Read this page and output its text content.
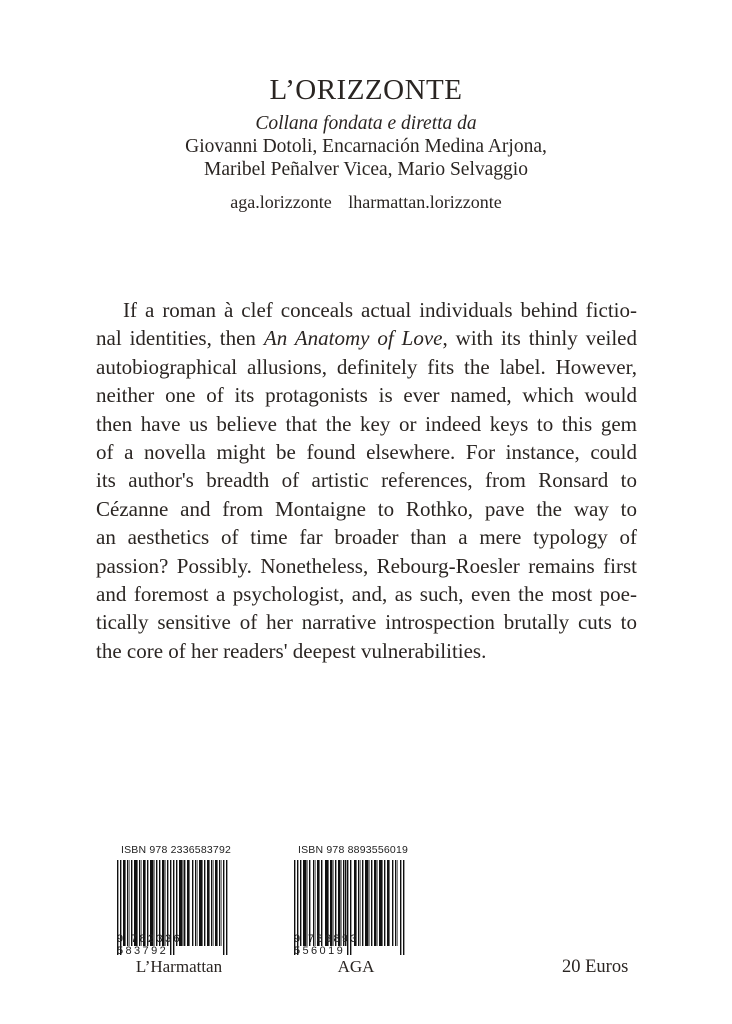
L’ORIZZONTE
Collana fondata e diretta da
Giovanni Dotoli, Encarnación Medina Arjona,
Maribel Peñalver Vicea, Mario Selvaggio
aga.lorizzonte lharmattan.lorizzonte
If a roman à clef conceals actual individuals behind fictio-
nal identities, then An Anatomy of Love, with its thinly veiled
autobiographical allusions, definitely fits the label. However,
neither one of its protagonists is ever named, which would
then have us believe that the key or indeed keys to this gem
of a novella might be found elsewhere. For instance, could
its author's breadth of artistic references, from Ronsard to
Cézanne and from Montaigne to Rothko, pave the way to
an aesthetics of time far broader than a mere typology of
passion? Possibly. Nonetheless, Rebourg-Roesler remains first
and foremost a psychologist, and, as such, even the most poe-
tically sensitive of her narrative introspection brutally cuts to
the core of her readers' deepest vulnerabilities.
ISBN 978 2336583792
9 782336 583792
L’Harmattan
ISBN 978 8893556019
9 788893 556019
AGA	20 Euros
